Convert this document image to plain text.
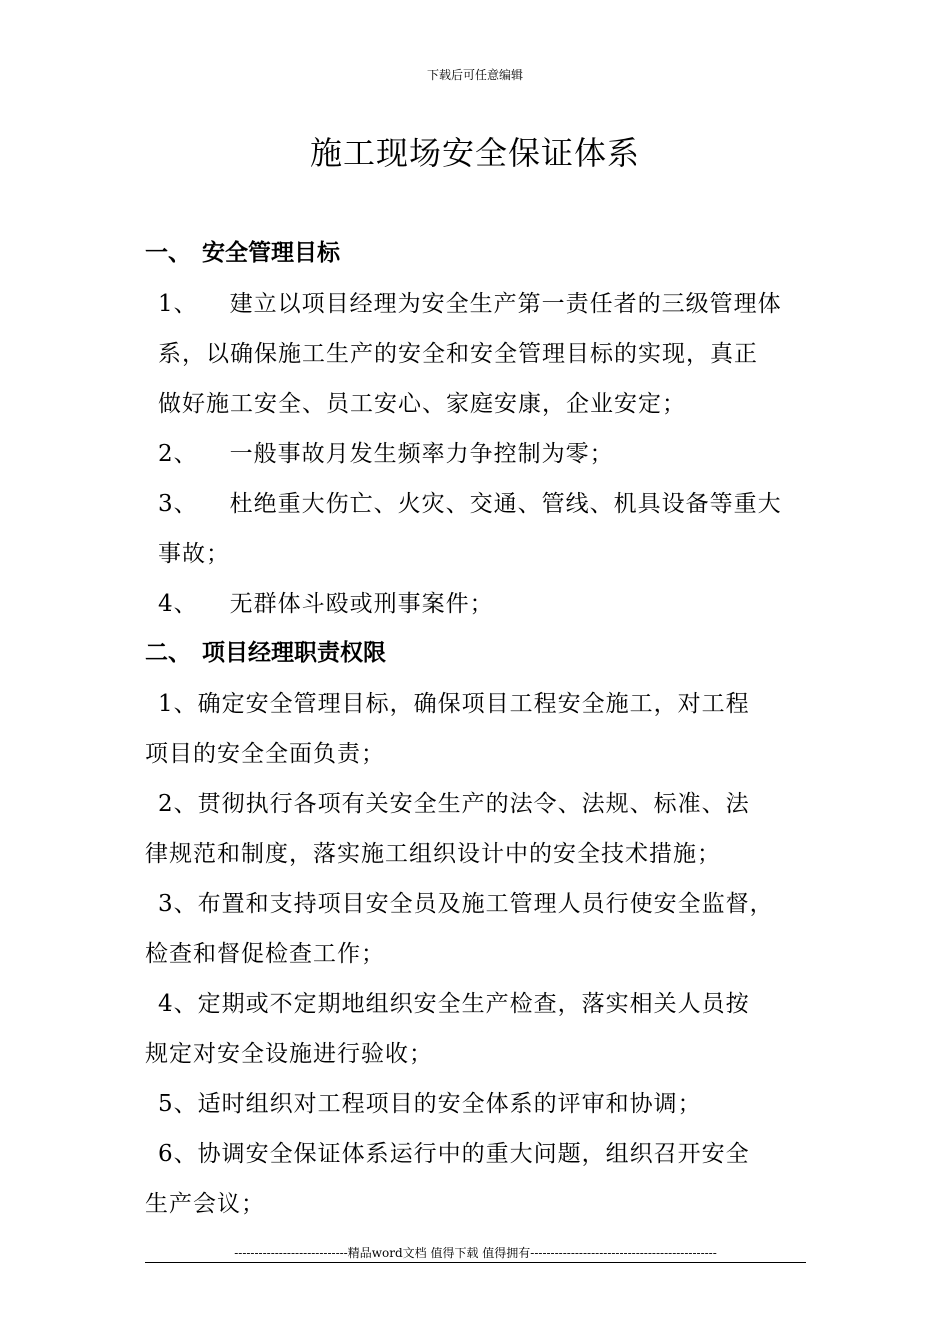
下载后可任意编辑
施工现场安全保证体系
一、 安全管理目标
1、 建立以项目经理为安全生产第一责任者的三级管理体
系，以确保施工生产的安全和安全管理目标的实现，真正
做好施工安全、员工安心、家庭安康，企业安定；
2、 一般事故月发生频率力争控制为零；
3、 杜绝重大伤亡、火灾、交通、管线、机具设备等重大
事故；
4、 无群体斗殴或刑事案件；
二、 项目经理职责权限
1、确定安全管理目标，确保项目工程安全施工，对工程
项目的安全全面负责；
2、贯彻执行各项有关安全生产的法令、法规、标准、法
律规范和制度，落实施工组织设计中的安全技术措施；
3、布置和支持项目安全员及施工管理人员行使安全监督，
检查和督促检查工作；
4、定期或不定期地组织安全生产检查，落实相关人员按
规定对安全设施进行验收；
5、适时组织对工程项目的安全体系的评审和协调；
6、协调安全保证体系运行中的重大问题，组织召开安全
生产会议；
----------------------------精品word文档 值得下载 值得拥有----------------------------------------------
